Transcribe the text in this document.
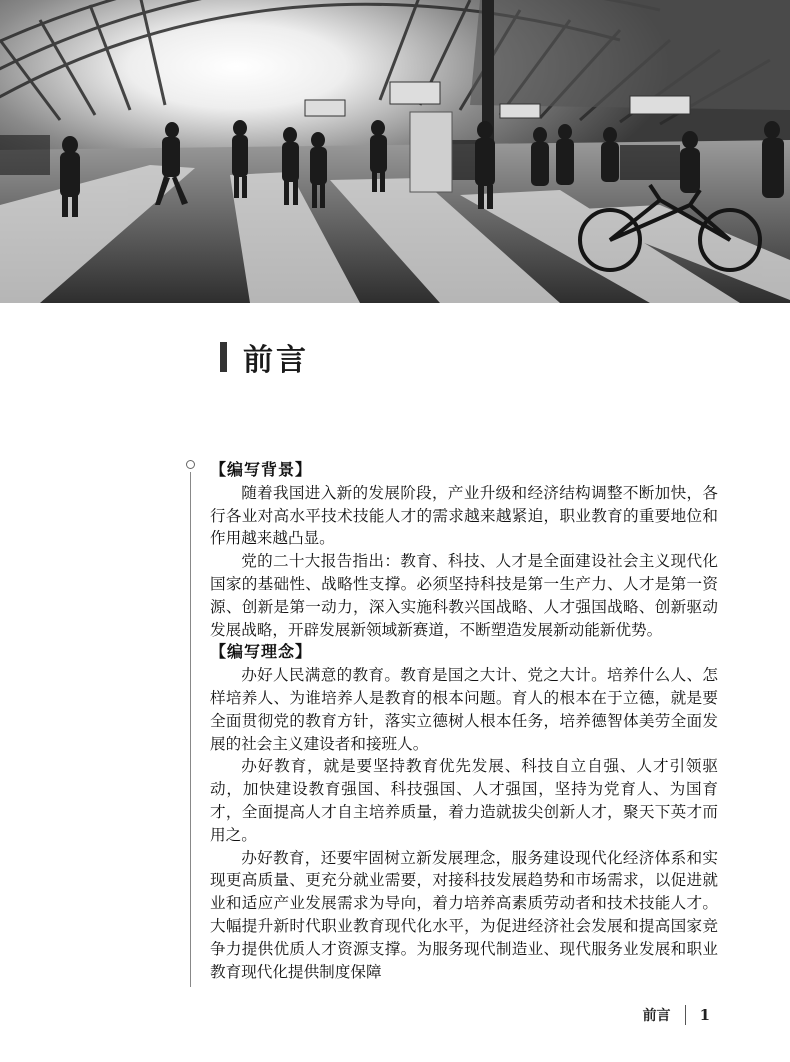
前言

【编写背景】

随着我国进入新的发展阶段，产业升级和经济结构调整不断加快，各行各业对高水平技术技能人才的需求越来越紧迫，职业教育的重要地位和作用越来越凸显。

党的二十大报告指出：教育、科技、人才是全面建设社会主义现代化国家的基础性、战略性支撑。必须坚持科技是第一生产力、人才是第一资源、创新是第一动力，深入实施科教兴国战略、人才强国战略、创新驱动发展战略，开辟发展新领域新赛道，不断塑造发展新动能新优势。

【编写理念】

办好人民满意的教育。教育是国之大计、党之大计。培养什么人、怎样培养人、为谁培养人是教育的根本问题。育人的根本在于立德，就是要全面贯彻党的教育方针，落实立德树人根本任务，培养德智体美劳全面发展的社会主义建设者和接班人。

办好教育，就是要坚持教育优先发展、科技自立自强、人才引领驱动，加快建设教育强国、科技强国、人才强国，坚持为党育人、为国育才，全面提高人才自主培养质量，着力造就拔尖创新人才，聚天下英才而用之。

办好教育，还要牢固树立新发展理念，服务建设现代化经济体系和实现更高质量、更充分就业需要，对接科技发展趋势和市场需求，以促进就业和适应产业发展需求为导向，着力培养高素质劳动者和技术技能人才。大幅提升新时代职业教育现代化水平，为促进经济社会发展和提高国家竞争力提供优质人才资源支撑。为服务现代制造业、现代服务业发展和职业教育现代化提供制度保障

前言 1
